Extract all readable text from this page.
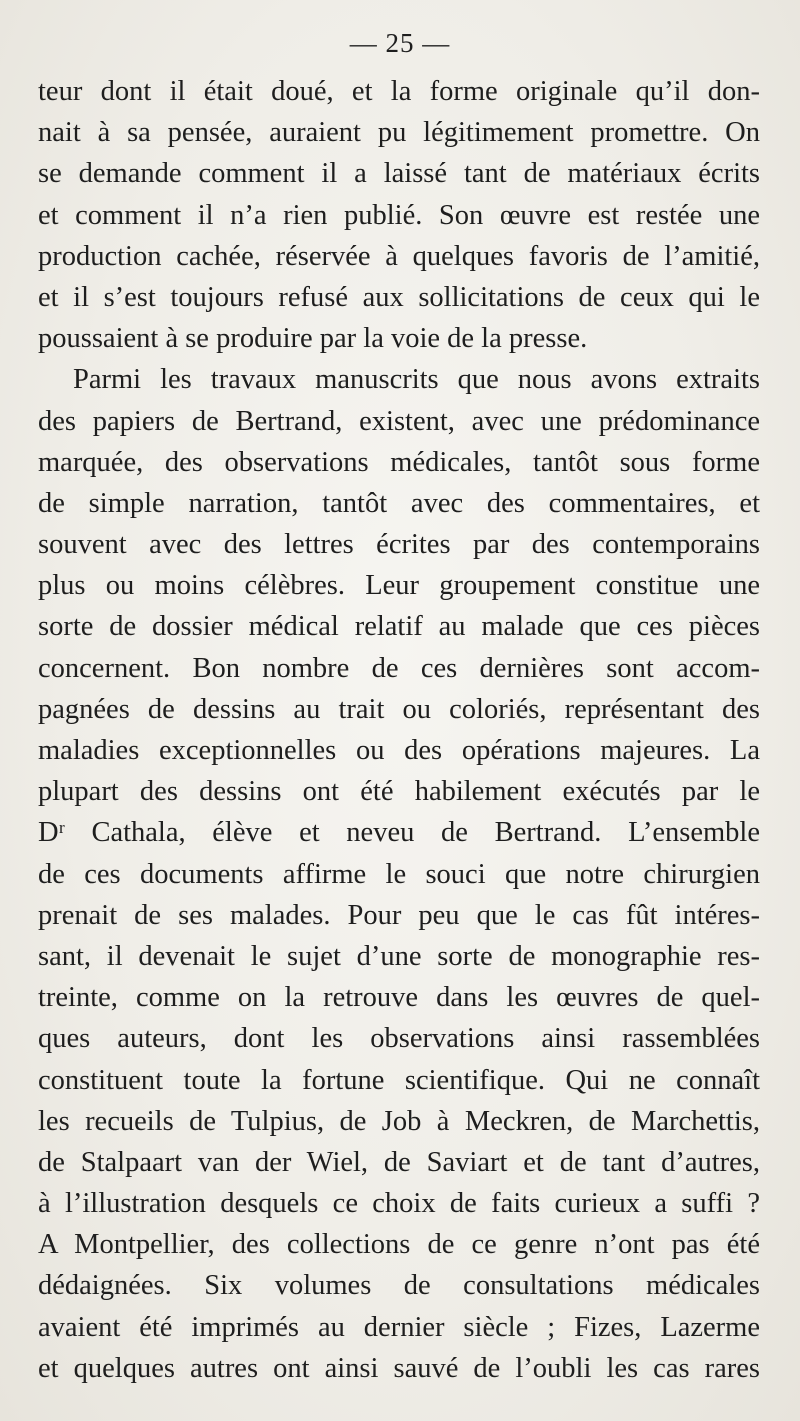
— 25 —
teur dont il était doué, et la forme originale qu’il don-
nait à sa pensée, auraient pu légitimement promettre. On
se demande comment il a laissé tant de matériaux écrits
et comment il n’a rien publié. Son œuvre est restée une
production cachée, réservée à quelques favoris de l’amitié,
et il s’est toujours refusé aux sollicitations de ceux qui le
poussaient à se produire par la voie de la presse.
Parmi les travaux manuscrits que nous avons extraits
des papiers de Bertrand, existent, avec une prédominance
marquée, des observations médicales, tantôt sous forme
de simple narration, tantôt avec des commentaires, et
souvent avec des lettres écrites par des contemporains
plus ou moins célèbres. Leur groupement constitue une
sorte de dossier médical relatif au malade que ces pièces
concernent. Bon nombre de ces dernières sont accom-
pagnées de dessins au trait ou coloriés, représentant des
maladies exceptionnelles ou des opérations majeures. La
plupart des dessins ont été habilement exécutés par le
Dʳ Cathala, élève et neveu de Bertrand. L’ensemble
de ces documents affirme le souci que notre chirurgien
prenait de ses malades. Pour peu que le cas fût intéres-
sant, il devenait le sujet d’une sorte de monographie res-
treinte, comme on la retrouve dans les œuvres de quel-
ques auteurs, dont les observations ainsi rassemblées
constituent toute la fortune scientifique. Qui ne connaît
les recueils de Tulpius, de Job à Meckren, de Marchettis,
de Stalpaart van der Wiel, de Saviart et de tant d’autres,
à l’illustration desquels ce choix de faits curieux a suffi ?
A Montpellier, des collections de ce genre n’ont pas été
dédaignées. Six volumes de consultations médicales
avaient été imprimés au dernier siècle ; Fizes, Lazerme
et quelques autres ont ainsi sauvé de l’oubli les cas rares
